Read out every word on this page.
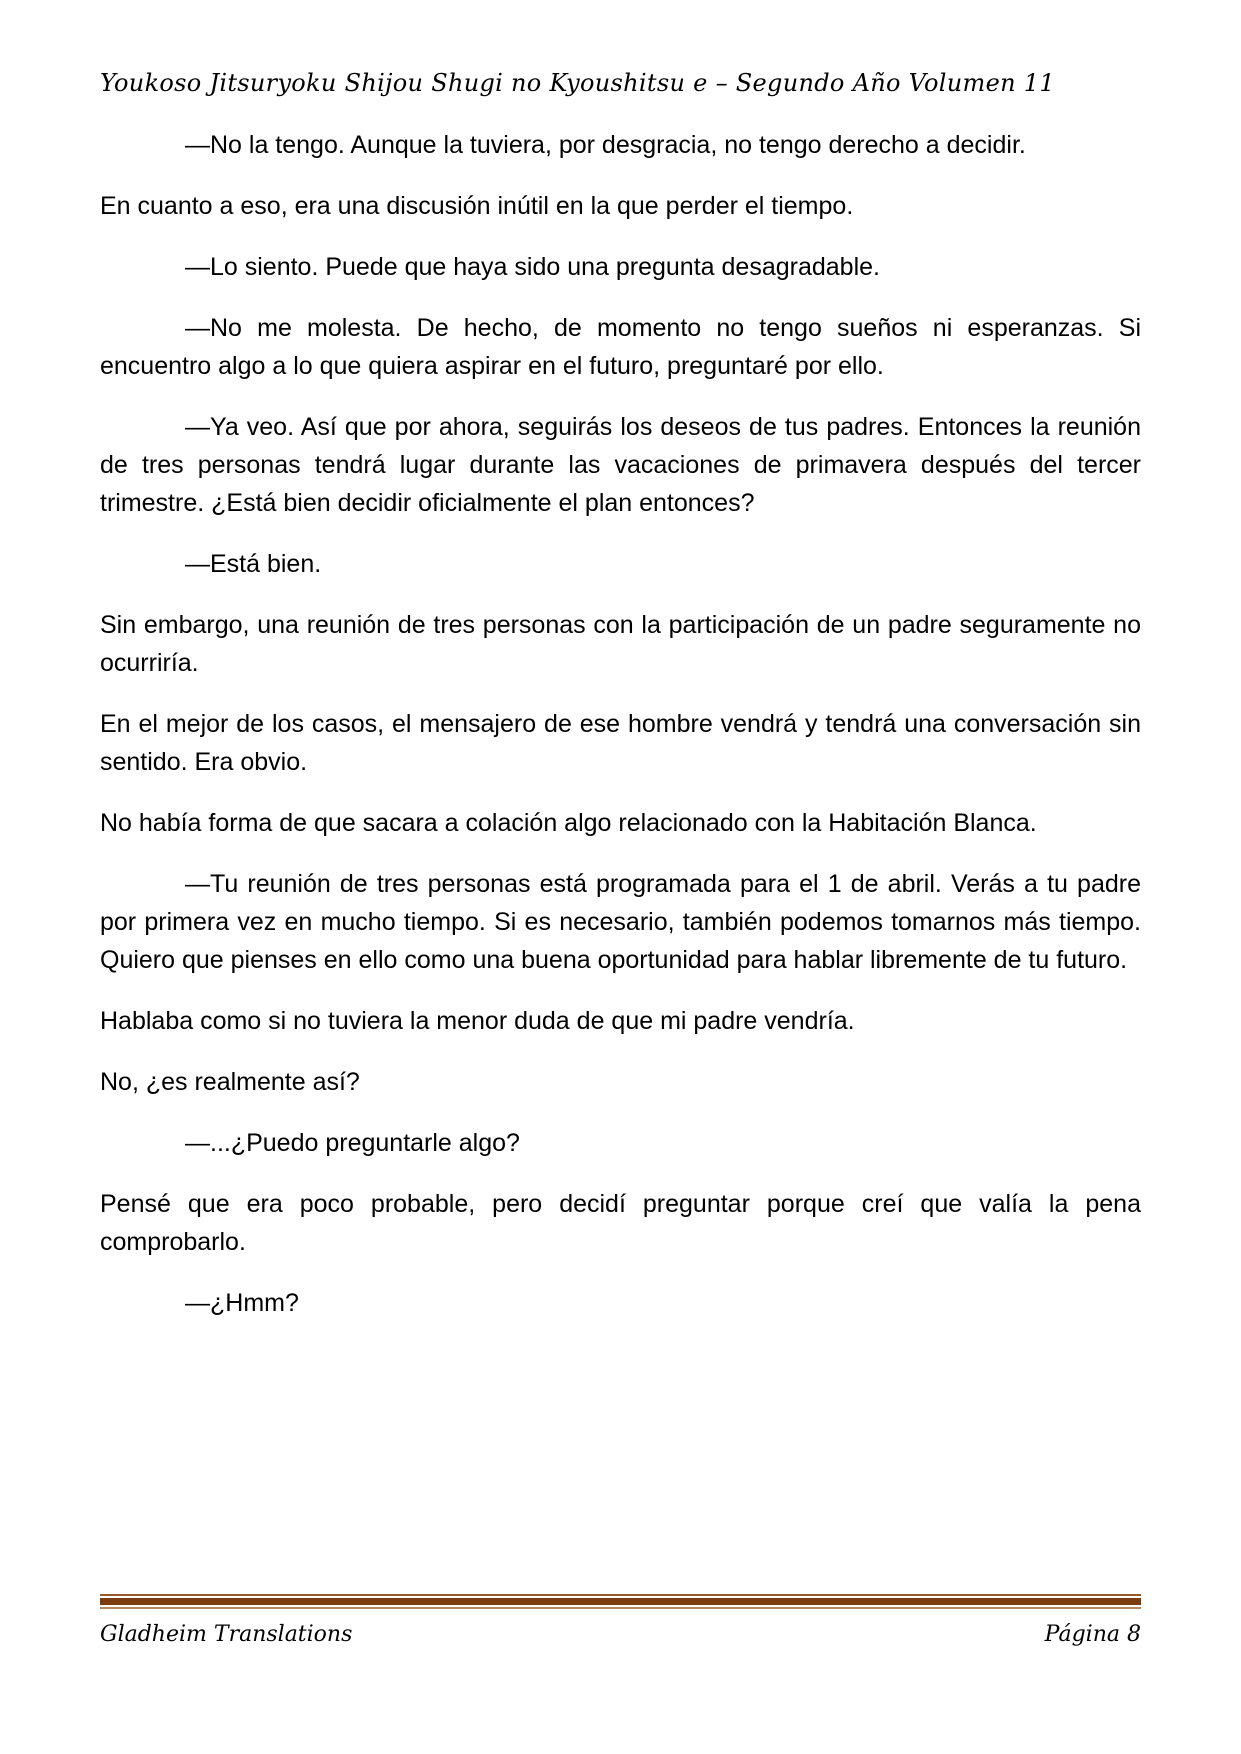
Youkoso Jitsuryoku Shijou Shugi no Kyoushitsu e – Segundo Año Volumen 11

—No la tengo. Aunque la tuviera, por desgracia, no tengo derecho a decidir.

En cuanto a eso, era una discusión inútil en la que perder el tiempo.

—Lo siento. Puede que haya sido una pregunta desagradable.

—No me molesta. De hecho, de momento no tengo sueños ni esperanzas. Si encuentro algo a lo que quiera aspirar en el futuro, preguntaré por ello.

—Ya veo. Así que por ahora, seguirás los deseos de tus padres. Entonces la reunión de tres personas tendrá lugar durante las vacaciones de primavera después del tercer trimestre. ¿Está bien decidir oficialmente el plan entonces?

—Está bien.

Sin embargo, una reunión de tres personas con la participación de un padre seguramente no ocurriría.

En el mejor de los casos, el mensajero de ese hombre vendrá y tendrá una conversación sin sentido. Era obvio.

No había forma de que sacara a colación algo relacionado con la Habitación Blanca.

—Tu reunión de tres personas está programada para el 1 de abril. Verás a tu padre por primera vez en mucho tiempo. Si es necesario, también podemos tomarnos más tiempo. Quiero que pienses en ello como una buena oportunidad para hablar libremente de tu futuro.

Hablaba como si no tuviera la menor duda de que mi padre vendría.

No, ¿es realmente así?

—...¿Puedo preguntarle algo?

Pensé que era poco probable, pero decidí preguntar porque creí que valía la pena comprobarlo.

—¿Hmm?

Gladheim Translations	Página 8
